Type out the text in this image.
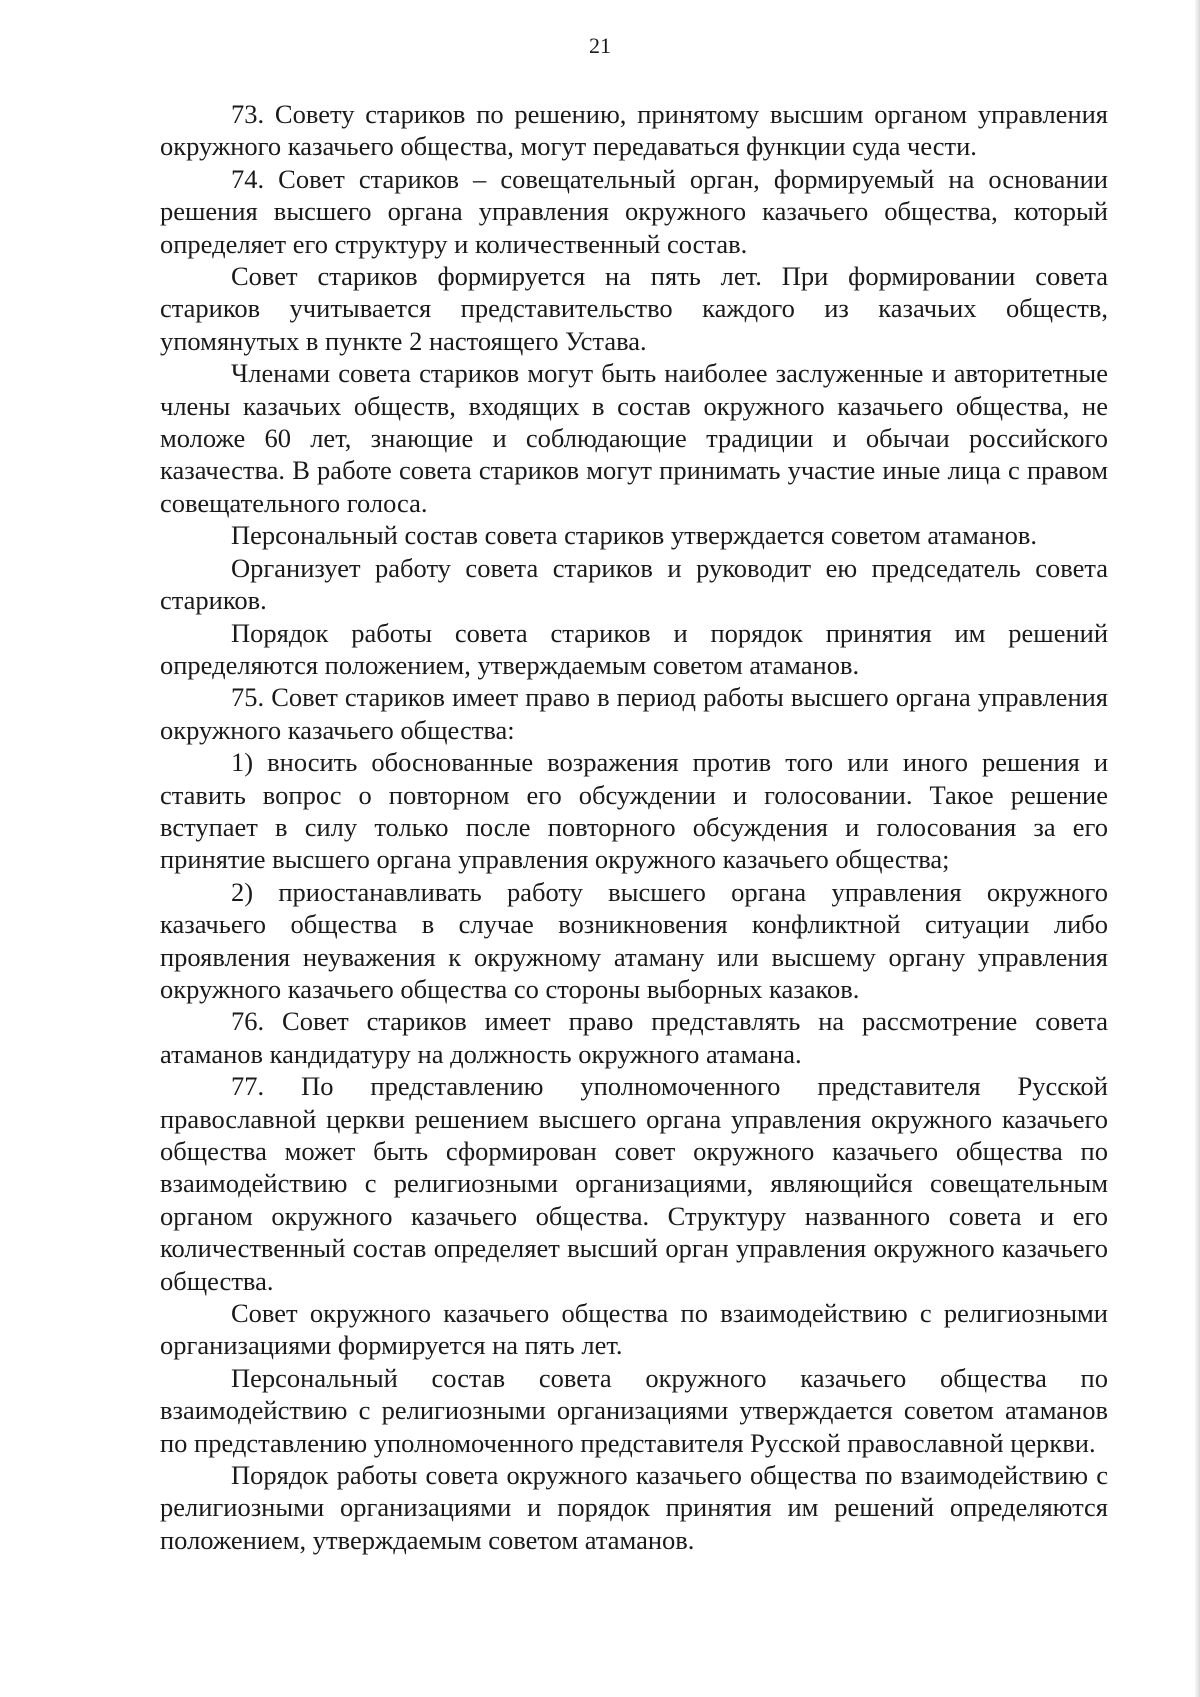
21

73. Совету стариков по решению, принятому высшим органом управления окружного казачьего общества, могут передаваться функции суда чести.

74. Совет стариков – совещательный орган, формируемый на основании решения высшего органа управления окружного казачьего общества, который определяет его структуру и количественный состав.

Совет стариков формируется на пять лет. При формировании совета стариков учитывается представительство каждого из казачьих обществ, упомянутых в пункте 2 настоящего Устава.

Членами совета стариков могут быть наиболее заслуженные и авторитетные члены казачьих обществ, входящих в состав окружного казачьего общества, не моложе 60 лет, знающие и соблюдающие традиции и обычаи российского казачества. В работе совета стариков могут принимать участие иные лица с правом совещательного голоса.

Персональный состав совета стариков утверждается советом атаманов.

Организует работу совета стариков и руководит ею председатель совета стариков.

Порядок работы совета стариков и порядок принятия им решений определяются положением, утверждаемым советом атаманов.

75. Совет стариков имеет право в период работы высшего органа управления окружного казачьего общества:

1) вносить обоснованные возражения против того или иного решения и ставить вопрос о повторном его обсуждении и голосовании. Такое решение вступает в силу только после повторного обсуждения и голосования за его принятие высшего органа управления окружного казачьего общества;

2) приостанавливать работу высшего органа управления окружного казачьего общества в случае возникновения конфликтной ситуации либо проявления неуважения к окружному атаману или высшему органу управления окружного казачьего общества со стороны выборных казаков.

76. Совет стариков имеет право представлять на рассмотрение совета атаманов кандидатуру на должность окружного атамана.

77. По представлению уполномоченного представителя Русской православной церкви решением высшего органа управления окружного казачьего общества может быть сформирован совет окружного казачьего общества по взаимодействию с религиозными организациями, являющийся совещательным органом окружного казачьего общества. Структуру названного совета и его количественный состав определяет высший орган управления окружного казачьего общества.

Совет окружного казачьего общества по взаимодействию с религиозными организациями формируется на пять лет.

Персональный состав совета окружного казачьего общества по взаимодействию с религиозными организациями утверждается советом атаманов по представлению уполномоченного представителя Русской православной церкви.

Порядок работы совета окружного казачьего общества по взаимодействию с религиозными организациями и порядок принятия им решений определяются положением, утверждаемым советом атаманов.
